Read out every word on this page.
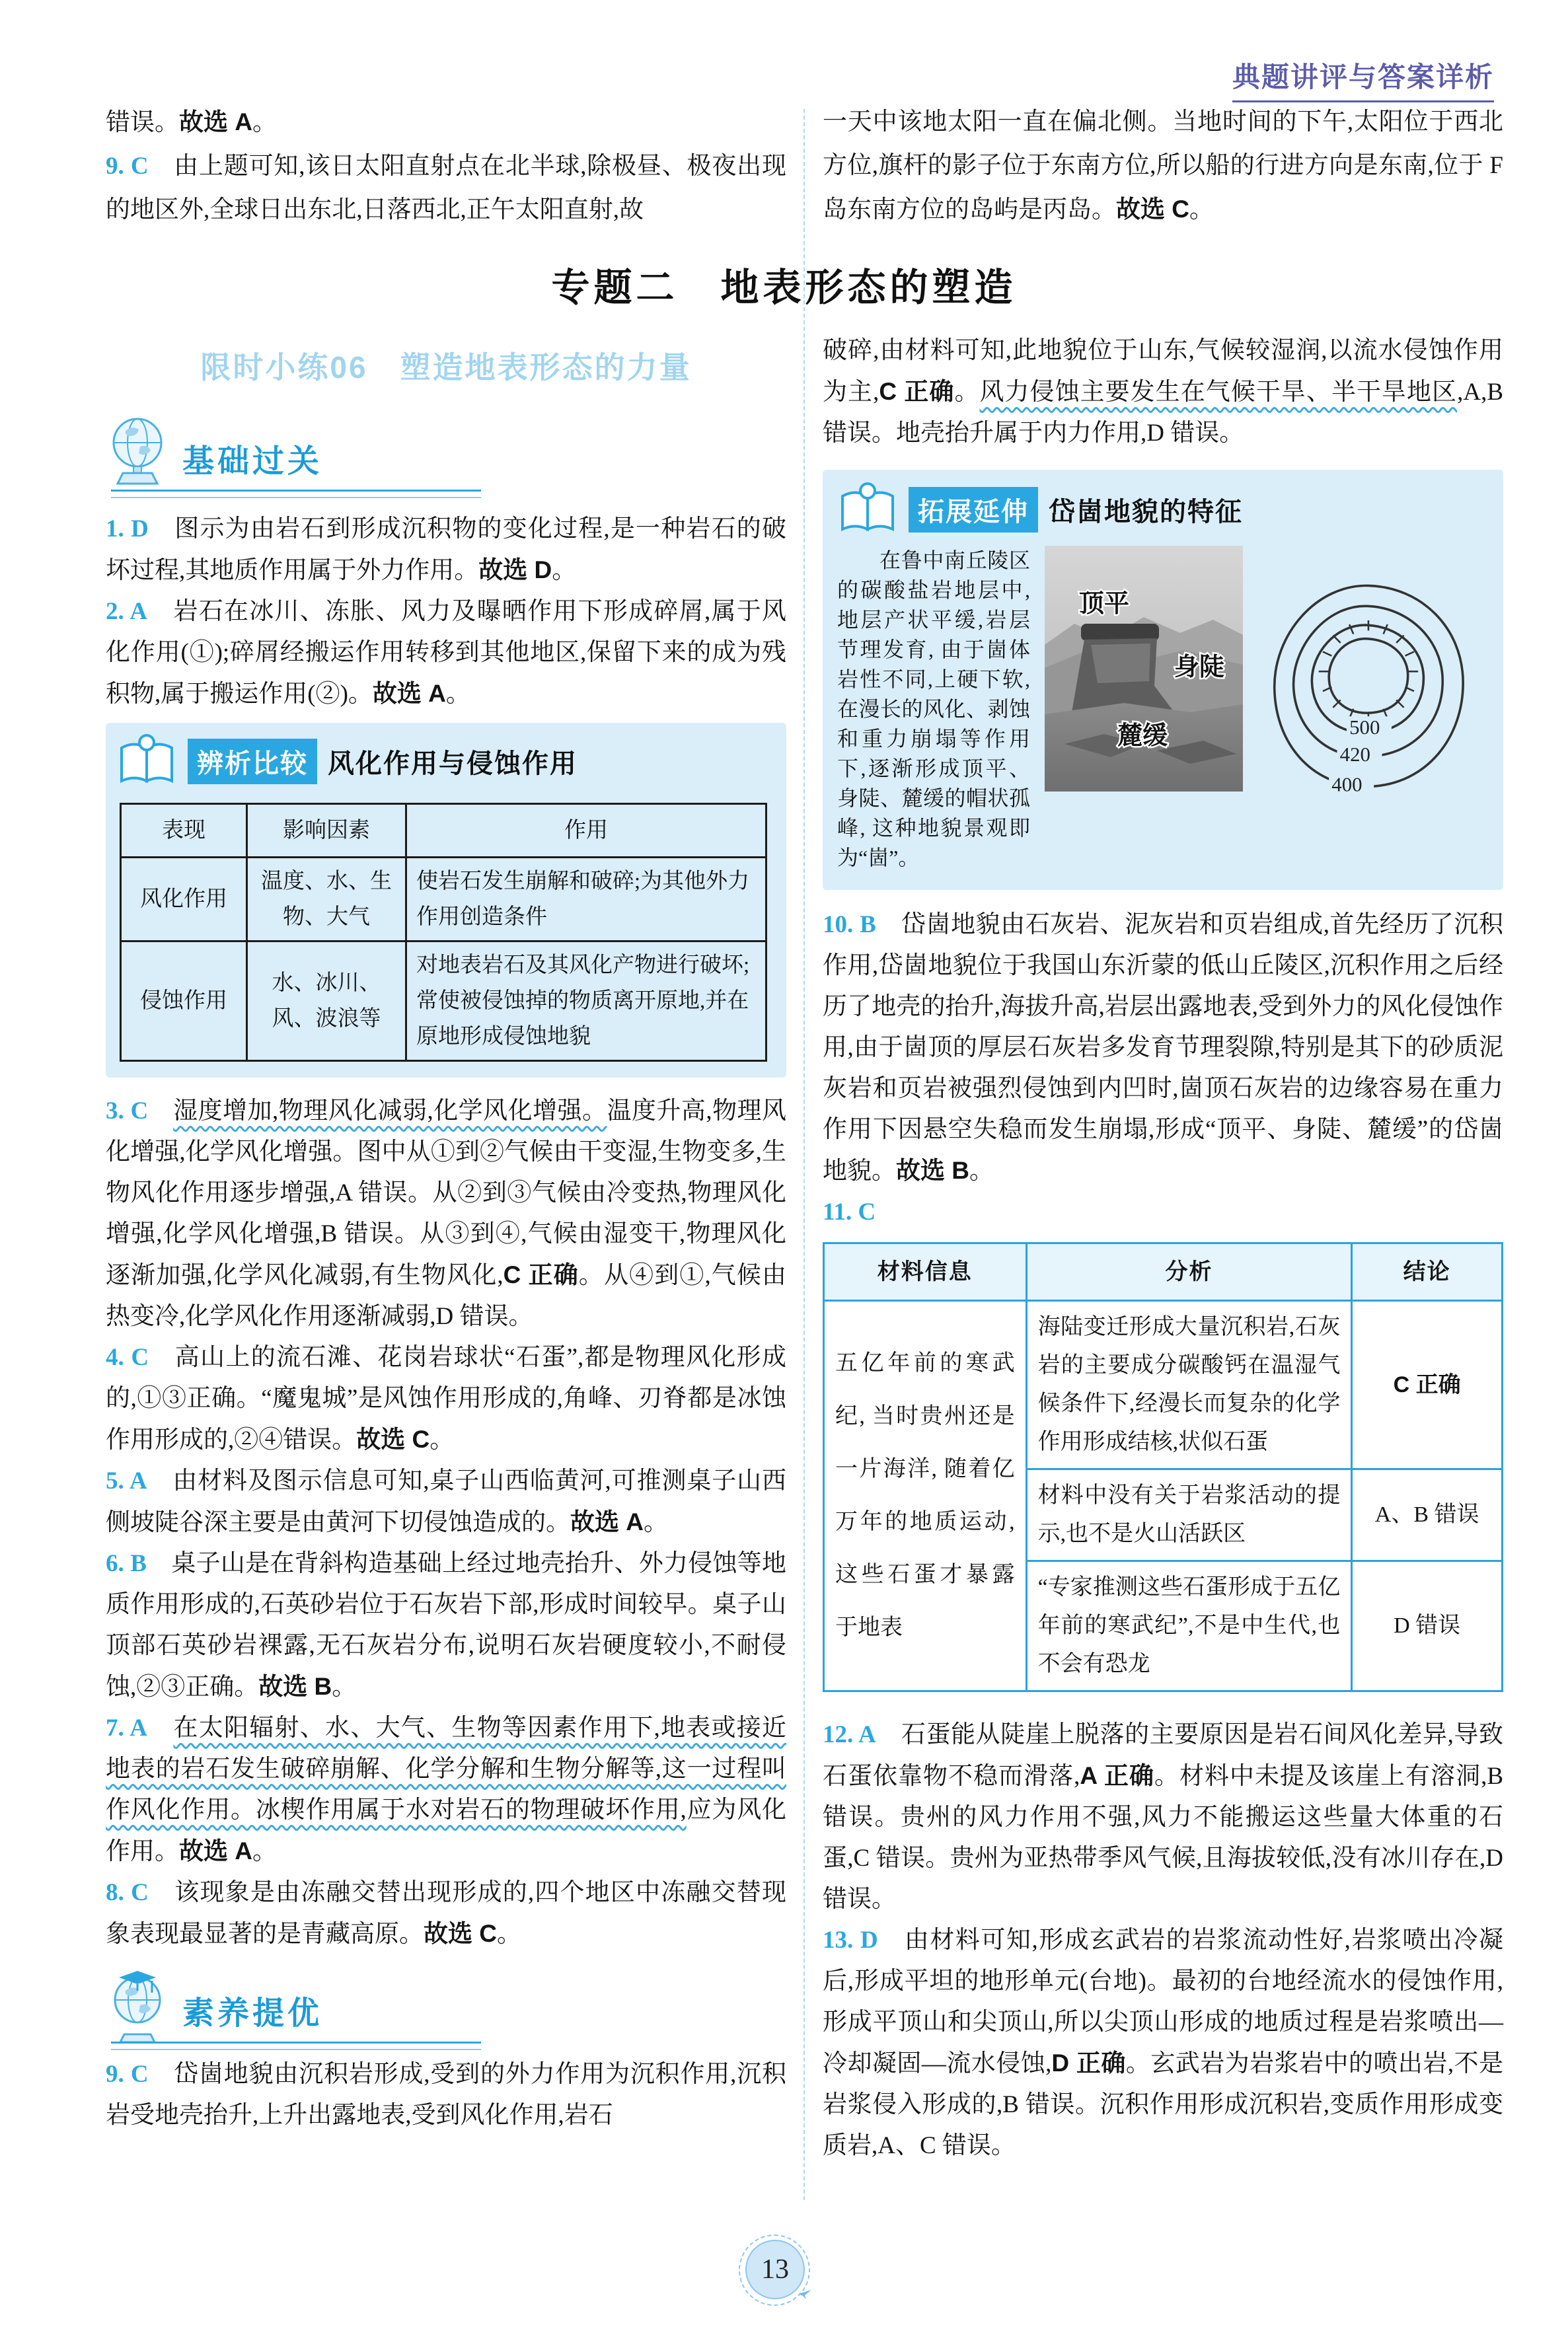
典题讲评与答案详析

错误。故选 A。

9. C　由上题可知,该日太阳直射点在北半球,除极昼、极夜出现的地区外,全球日出东北,日落西北,正午太阳直射,故

一天中该地太阳一直在偏北侧。当地时间的下午,太阳位于西北方位,旗杆的影子位于东南方位,所以船的行进方向是东南,位于 F 岛东南方位的岛屿是丙岛。故选 C。

专题二　地表形态的塑造
限时小练06　塑造地表形态的力量
基础过关

1. D　图示为由岩石到形成沉积物的变化过程,是一种岩石的破坏过程,其地质作用属于外力作用。故选 D。

2. A　岩石在冰川、冻胀、风力及曝晒作用下形成碎屑,属于风化作用(①);碎屑经搬运作用转移到其他地区,保留下来的成为残积物,属于搬运作用(②)。故选 A。

辨析比较 风化作用与侵蚀作用
表现	影响因素	作用
风化作用	温度、水、生物、大气	使岩石发生崩解和破碎;为其他外力作用创造条件
侵蚀作用	水、冰川、风、波浪等	对地表岩石及其风化产物进行破坏;常使被侵蚀掉的物质离开原地,并在原地形成侵蚀地貌

3. C　 湿度增加,物理风化减弱,化学风化增强。温度升高,物理风化增强,化学风化增强。图中从①到②气候由干变湿,生物变多,生物风化作用逐步增强,A 错误。从②到③气候由冷变热,物理风化增强,化学风化增强,B 错误。从③到④,气候由湿变干,物理风化逐渐加强,化学风化减弱,有生物风化,C 正确。从④到①,气候由热变冷,化学风化作用逐渐减弱,D 错误。

4. C　高山上的流石滩、花岗岩球状“石蛋”,都是物理风化形成的,①③正确。“魔鬼城”是风蚀作用形成的,角峰、刃脊都是冰蚀作用形成的,②④错误。故选 C。

5. A　由材料及图示信息可知,桌子山西临黄河,可推测桌子山西侧坡陡谷深主要是由黄河下切侵蚀造成的。故选 A。

6. B　桌子山是在背斜构造基础上经过地壳抬升、外力侵蚀等地质作用形成的,石英砂岩位于石灰岩下部,形成时间较早。桌子山顶部石英砂岩裸露,无石灰岩分布,说明石灰岩硬度较小,不耐侵蚀,②③正确。故选 B。

7. A　 在太阳辐射、水、大气、生物等因素作用下,地表或接近地表的岩石发生破碎崩解、化学分解和生物分解等,这一过程叫作风化作用。冰楔作用属于水对岩石的物理破坏作用,应为风化作用。故选 A。

8. C　该现象是由冻融交替出现形成的,四个地区中冻融交替现象表现最显著的是青藏高原。故选 C。

素养提优

9. C　岱崮地貌由沉积岩形成,受到的外力作用为沉积作用,沉积岩受地壳抬升,上升出露地表,受到风化作用,岩石

破碎,由材料可知,此地貌位于山东,气候较湿润,以流水侵蚀作用为主,C 正确。风力侵蚀主要发生在气候干旱、半干旱地区,A,B 错误。地壳抬升属于内力作用,D 错误。

拓展延伸 岱崮地貌的特征
在鲁中南丘陵区的碳酸盐岩地层中, 地层产状平缓,岩层节理发育, 由于崮体岩性不同,上硬下软, 在漫长的风化、剥蚀和重力崩塌等作用下,逐渐形成顶平、身陡、麓缓的帽状孤峰, 这种地貌景观即为“崮”。
顶平
身陡
麓缓	500
420
400

10. B　岱崮地貌由石灰岩、泥灰岩和页岩组成,首先经历了沉积作用,岱崮地貌位于我国山东沂蒙的低山丘陵区,沉积作用之后经历了地壳的抬升,海拔升高,岩层出露地表,受到外力的风化侵蚀作用,由于崮顶的厚层石灰岩多发育节理裂隙,特别是其下的砂质泥灰岩和页岩被强烈侵蚀到内凹时,崮顶石灰岩的边缘容易在重力作用下因悬空失稳而发生崩塌,形成“顶平、身陡、麓缓”的岱崮地貌。故选 B。

11. C

材料信息	分析	结论
五亿年前的寒武纪, 当时贵州还是一片海洋, 随着亿万年的地质运动, 这些石蛋才暴露于地表	海陆变迁形成大量沉积岩,石灰岩的主要成分碳酸钙在温湿气候条件下,经漫长而复杂的化学作用形成结核,状似石蛋	C 正确
	材料中没有关于岩浆活动的提示,也不是火山活跃区	A、B 错误
	“专家推测这些石蛋形成于五亿年前的寒武纪”,不是中生代,也不会有恐龙	D 错误

12. A　石蛋能从陡崖上脱落的主要原因是岩石间风化差异,导致石蛋依靠物不稳而滑落,A 正确。材料中未提及该崖上有溶洞,B 错误。贵州的风力作用不强,风力不能搬运这些量大体重的石蛋,C 错误。贵州为亚热带季风气候,且海拔较低,没有冰川存在,D 错误。

13. D　由材料可知,形成玄武岩的岩浆流动性好,岩浆喷出冷凝后,形成平坦的地形单元(台地)。最初的台地经流水的侵蚀作用,形成平顶山和尖顶山,所以尖顶山形成的地质过程是岩浆喷出—冷却凝固—流水侵蚀,D 正确。玄武岩为岩浆岩中的喷出岩,不是岩浆侵入形成的,B 错误。沉积作用形成沉积岩,变质作用形成变质岩,A、C 错误。

13
